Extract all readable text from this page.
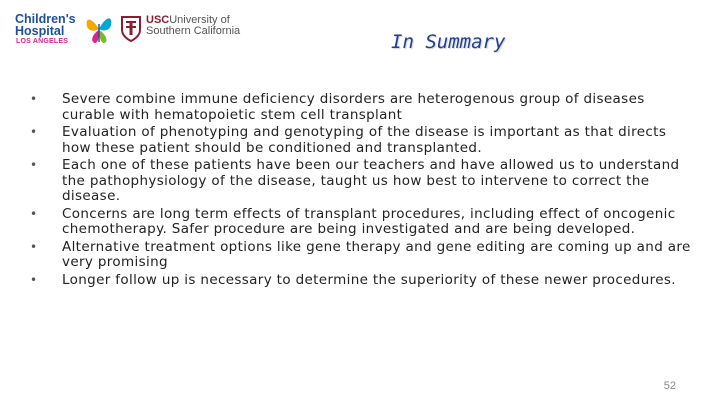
Children's
Hospital
LOS ANGELES
USCUniversity of
Southern California	In Summary
• Severe combine immune deficiency disorders are heterogenous group of diseases curable with hematopoietic stem cell transplant
• Evaluation of phenotyping and genotyping of the disease is important as that directs how these patient should be conditioned and transplanted.
• Each one of these patients have been our teachers and have allowed us to understand the pathophysiology of the disease, taught us how best to intervene to correct the disease.
• Concerns are long term effects of transplant procedures, including effect of oncogenic chemotherapy. Safer procedure are being investigated and are being developed.
• Alternative treatment options like gene therapy and gene editing are coming up and are very promising
• Longer follow up is necessary to determine the superiority of these newer procedures.
52
